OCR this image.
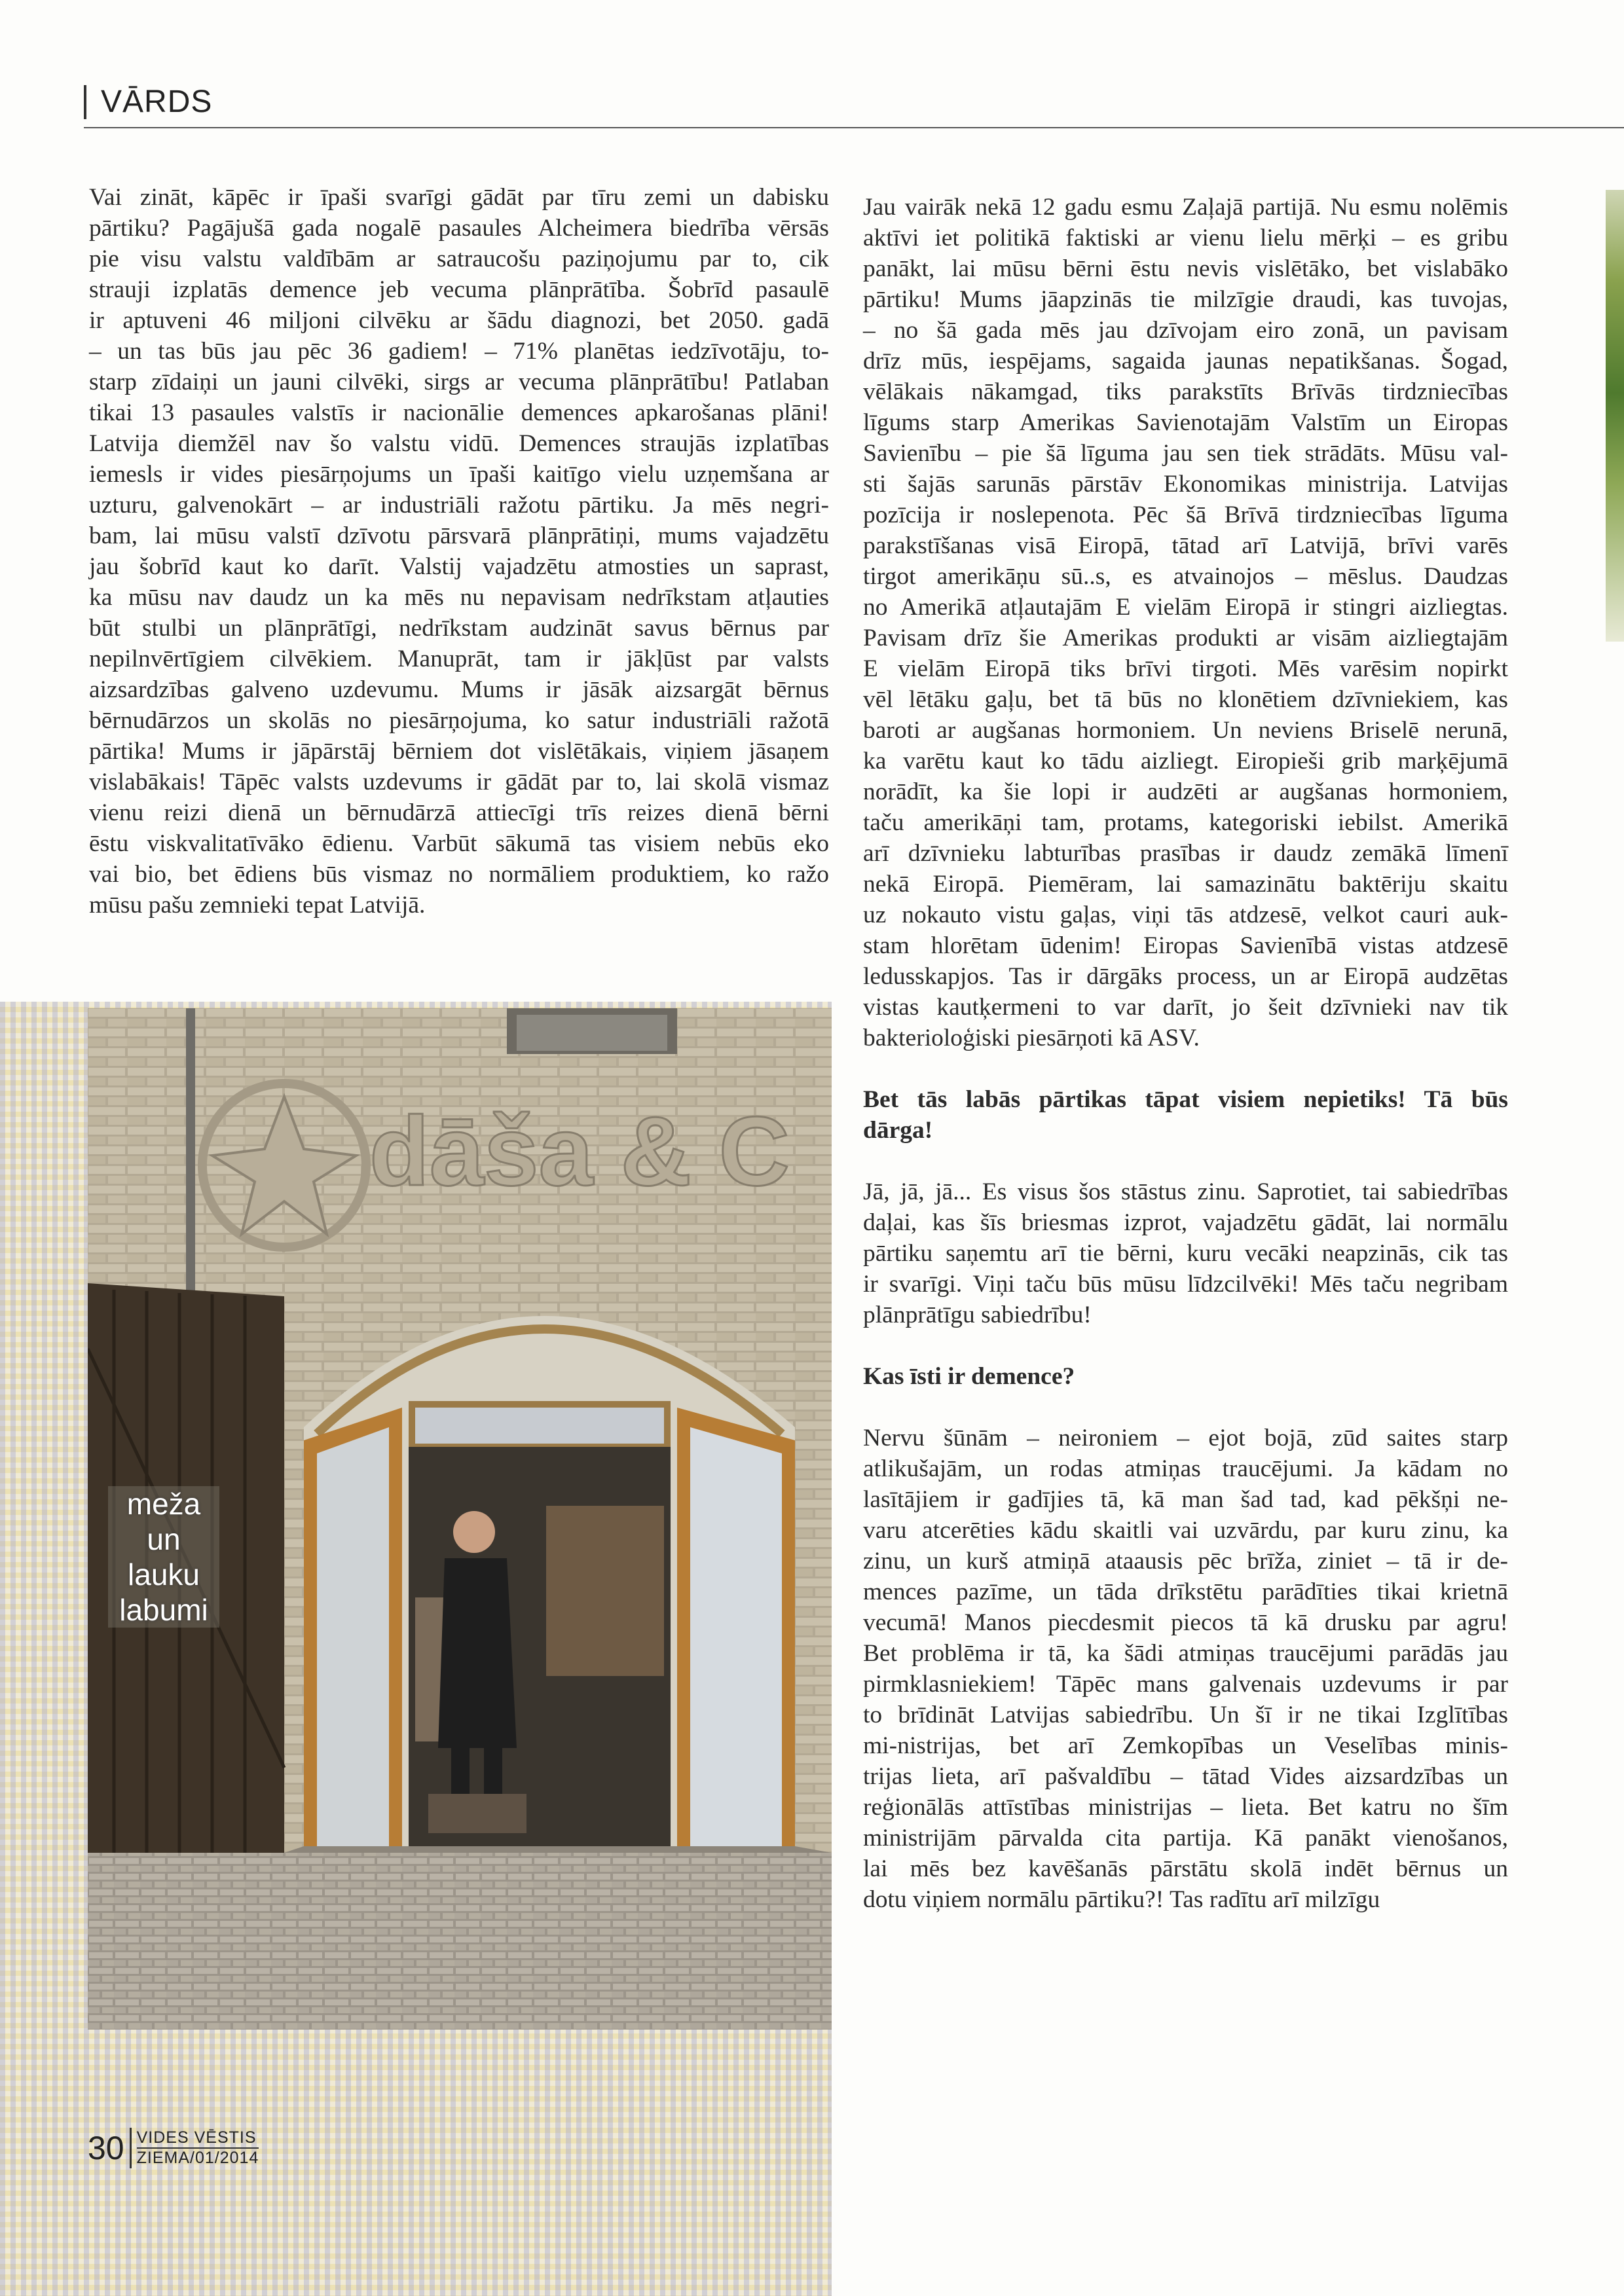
VĀRDS

Vai zināt, kāpēc ir īpaši svarīgi gādāt par tīru zemi un dabisku
pārtiku? Pagājušā gada nogalē pasaules Alcheimera biedrība vērsās
pie visu valstu valdībām ar satraucošu paziņojumu par to, cik
strauji izplatās demence jeb vecuma plānprātība. Šobrīd pasaulē
ir aptuveni 46 miljoni cilvēku ar šādu diagnozi, bet 2050. gadā
– un tas būs jau pēc 36 gadiem! – 71% planētas iedzīvotāju, to-
starp zīdaiņi un jauni cilvēki, sirgs ar vecuma plānprātību! Patlaban
tikai 13 pasaules valstīs ir nacionālie demences apkarošanas plāni!
Latvija diemžēl nav šo valstu vidū. Demences straujās izplatības
iemesls ir vides piesārņojums un īpaši kaitīgo vielu uzņemšana ar
uzturu, galvenokārt – ar industriāli ražotu pārtiku. Ja mēs negri-
bam, lai mūsu valstī dzīvotu pārsvarā plānprātiņi, mums vajadzētu
jau šobrīd kaut ko darīt. Valstij vajadzētu atmosties un saprast,
ka mūsu nav daudz un ka mēs nu nepavisam nedrīkstam atļauties
būt stulbi un plānprātīgi, nedrīkstam audzināt savus bērnus par
nepilnvērtīgiem cilvēkiem. Manuprāt, tam ir jākļūst par valsts
aizsardzības galveno uzdevumu. Mums ir jāsāk aizsargāt bērnus
bērnudārzos un skolās no piesārņojuma, ko satur industriāli ražotā
pārtika! Mums ir jāpārstāj bērniem dot vislētākais, viņiem jāsaņem
vislabākais! Tāpēc valsts uzdevums ir gādāt par to, lai skolā vismaz
vienu reizi dienā un bērnudārzā attiecīgi trīs reizes dienā bērni
ēstu viskvalitatīvāko ēdienu. Varbūt sākumā tas visiem nebūs eko
vai bio, bet ēdiens būs vismaz no normāliem produktiem, ko ražo
mūsu pašu zemnieki tepat Latvijā.

Jau vairāk nekā 12 gadu esmu Zaļajā partijā. Nu esmu nolēmis
aktīvi iet politikā faktiski ar vienu lielu mērķi – es gribu
panākt, lai mūsu bērni ēstu nevis vislētāko, bet vislabāko
pārtiku! Mums jāapzinās tie milzīgie draudi, kas tuvojas,
– no šā gada mēs jau dzīvojam eiro zonā, un pavisam
drīz mūs, iespējams, sagaida jaunas nepatikšanas. Šogad,
vēlākais nākamgad, tiks parakstīts Brīvās tirdzniecības
līgums starp Amerikas Savienotajām Valstīm un Eiropas
Savienību – pie šā līguma jau sen tiek strādāts. Mūsu val-
sti šajās sarunās pārstāv Ekonomikas ministrija. Latvijas
pozīcija ir noslepenota. Pēc šā Brīvā tirdzniecības līguma
parakstīšanas visā Eiropā, tātad arī Latvijā, brīvi varēs
tirgot amerikāņu sū..s, es atvainojos – mēslus. Daudzas
no Amerikā atļautajām E vielām Eiropā ir stingri aizliegtas.
Pavisam drīz šie Amerikas produkti ar visām aizliegtajām
E vielām Eiropā tiks brīvi tirgoti. Mēs varēsim nopirkt
vēl lētāku gaļu, bet tā būs no klonētiem dzīvniekiem, kas
baroti ar augšanas hormoniem. Un neviens Briselē nerunā,
ka varētu kaut ko tādu aizliegt. Eiropieši grib marķējumā
norādīt, ka šie lopi ir audzēti ar augšanas hormoniem,
taču amerikāņi tam, protams, kategoriski iebilst. Amerikā
arī dzīvnieku labturības prasības ir daudz zemākā līmenī
nekā Eiropā. Piemēram, lai samazinātu baktēriju skaitu
uz nokauto vistu gaļas, viņi tās atdzesē, velkot cauri auk-
stam hlorētam ūdenim! Eiropas Savienībā vistas atdzesē
ledusskapjos. Tas ir dārgāks process, un ar Eiropā audzētas
vistas kautķermeni to var darīt, jo šeit dzīvnieki nav tik
bakterioloģiski piesārņoti kā ASV.

Bet tās labās pārtikas tāpat visiem nepietiks! Tā būs
dārga!

Jā, jā, jā... Es visus šos stāstus zinu. Saprotiet, tai sabiedrības
daļai, kas šīs briesmas izprot, vajadzētu gādāt, lai normālu
pārtiku saņemtu arī tie bērni, kuru vecāki neapzinās, cik tas
ir svarīgi. Viņi taču būs mūsu līdzcilvēki! Mēs taču negribam
plānprātīgu sabiedrību!

Kas īsti ir demence?

Nervu šūnām – neironiem – ejot bojā, zūd saites starp
atlikušajām, un rodas atmiņas traucējumi. Ja kādam no
lasītājiem ir gadījies tā, kā man šad tad, kad pēkšņi ne-
varu atcerēties kādu skaitli vai uzvārdu, par kuru zinu, ka
zinu, un kurš atmiņā ataausis pēc brīža, ziniet – tā ir de-
mences pazīme, un tāda drīkstētu parādīties tikai krietnā
vecumā! Manos piecdesmit piecos tā kā drusku par agru!
Bet problēma ir tā, ka šādi atmiņas traucējumi parādās jau
pirmklasniekiem! Tāpēc mans galvenais uzdevums ir par
to brīdināt Latvijas sabiedrību. Un šī ir ne tikai Izglītības
mi-nistrijas, bet arī Zemkopības un Veselības minis-
trijas lieta, arī pašvaldību – tātad Vides aizsardzības un
reģionālās attīstības ministrijas – lieta. Bet katru no šīm
ministrijām pārvalda cita partija. Kā panākt vienošanos,
lai mēs bez kavēšanās pārstātu skolā indēt bērnus un
dotu viņiem normālu pārtiku?! Tas radītu arī milzīgu

dāša & C
meža
un
lauku
labumi
30 VIDES VĒSTIS
ZIEMA/01/2014
